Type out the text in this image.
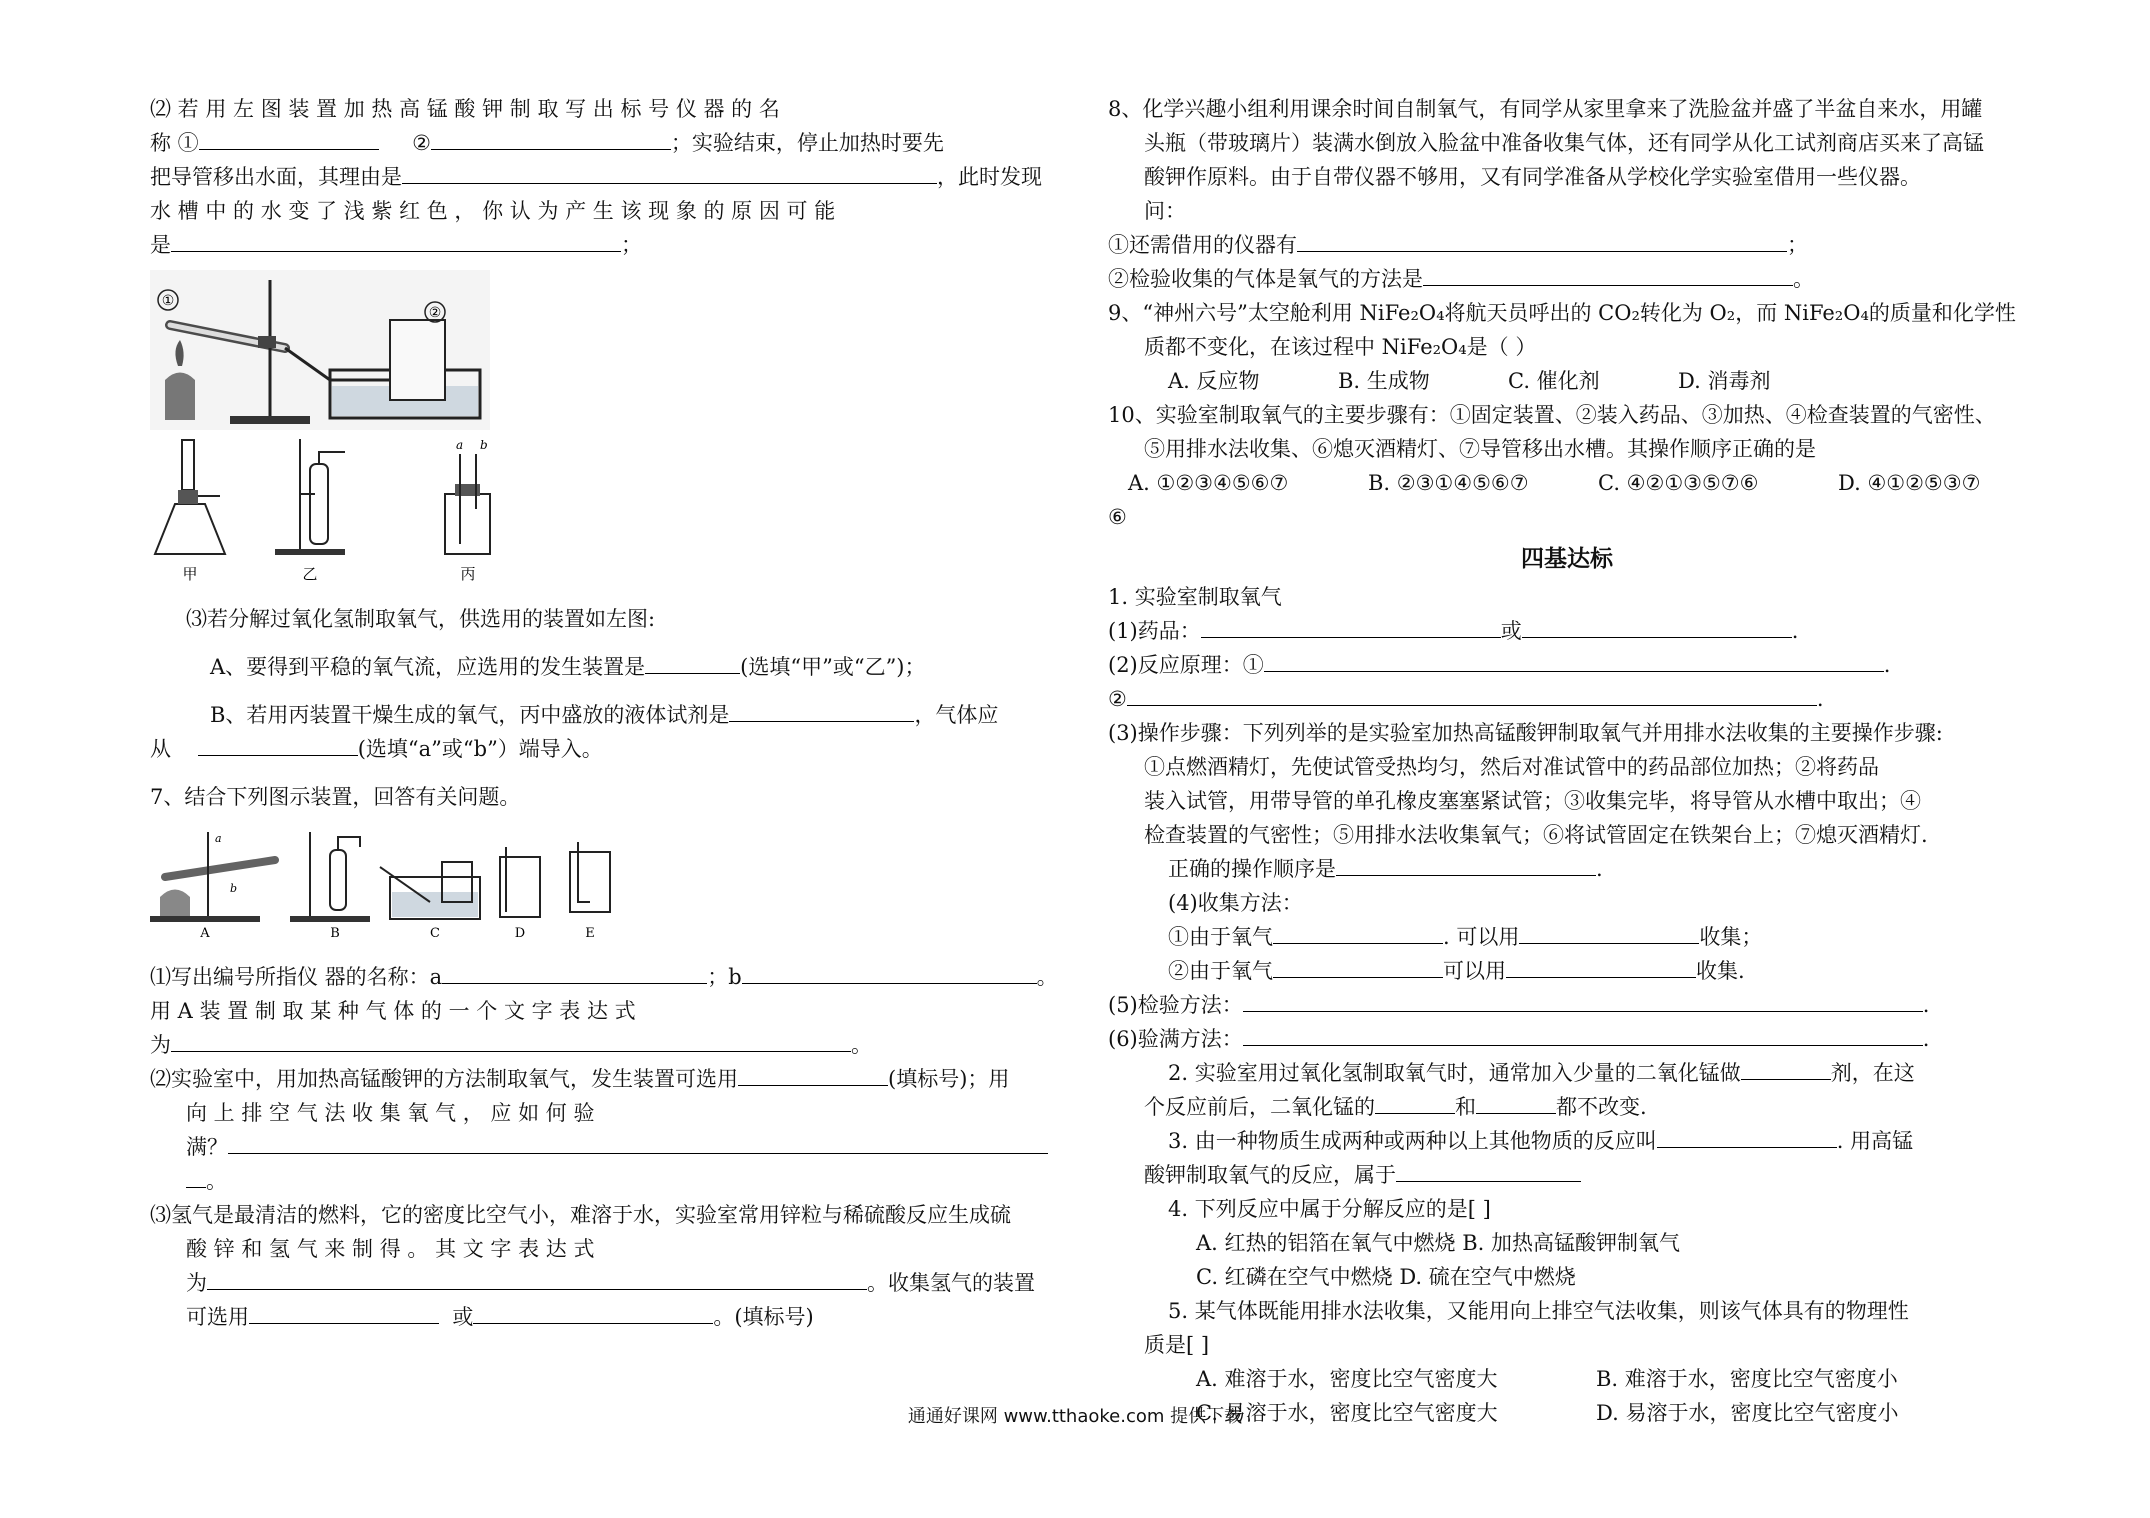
⑵ 若 用 左 图 装 置 加 热 高 锰 酸 钾 制 取 写 出 标 号 仪 器 的 名
称 ①	②	；实验结束，停止加热时要先
把导管移出水面，其理由是	，此时发现
水 槽 中 的 水 变 了 浅 紫 红 色 ， 你 认 为 产 生 该 现 象 的 原 因 可 能
是	；
①
②
甲	乙	丙
a b
⑶若分解过氧化氢制取氧气，供选用的装置如左图:
A、要得到平稳的氧气流，应选用的发生装置是	(选填“甲”或“乙”)；
B、若用丙装置干燥生成的氧气，丙中盛放的液体试剂是	，气体应
从	(选填“a”或“b”）端导入。
7、结合下列图示装置，回答有关问题。
a
b
A	B	C	D	E
⑴写出编号所指仪 器的名称：a	；b	。
用 A 装 置 制 取 某 种 气 体 的 一 个 文 字 表 达 式
为	。
⑵实验室中，用加热高锰酸钾的方法制取氧气，发生装置可选用	(填标号)；用
向 上 排 空 气 法 收 集 氧 气 ， 应 如 何 验
满？
。
⑶氢气是最清洁的燃料，它的密度比空气小，难溶于水，实验室常用锌粒与稀硫酸反应生成硫
酸 锌 和 氢 气 来 制 得 。 其 文 字 表 达 式
为	。收集氢气的装置
可选用	或	。(填标号)
8、化学兴趣小组利用课余时间自制氧气，有同学从家里拿来了洗脸盆并盛了半盆自来水，用罐
头瓶（带玻璃片）装满水倒放入脸盆中准备收集气体，还有同学从化工试剂商店买来了高锰
酸钾作原料。由于自带仪器不够用，又有同学准备从学校化学实验室借用一些仪器。
问：
①还需借用的仪器有	；
②检验收集的气体是氧气的方法是	。
9、“神州六号”太空舱利用 NiFe₂O₄将航天员呼出的 CO₂转化为 O₂，而 NiFe₂O₄的质量和化学性
质都不变化，在该过程中 NiFe₂O₄是（ ）
A. 反应物	B. 生成物	C. 催化剂	D. 消毒剂
10、实验室制取氧气的主要步骤有：①固定装置、②装入药品、③加热、④检查装置的气密性、
⑤用排水法收集、⑥熄灭酒精灯、⑦导管移出水槽。其操作顺序正确的是
A. ①②③④⑤⑥⑦	B. ②③①④⑤⑥⑦	C. ④②①③⑤⑦⑥	D. ④①②⑤③⑦
⑥
四基达标
1. 实验室制取氧气
(1)药品：	或	.
(2)反应原理：①	.
②	.
(3)操作步骤：下列列举的是实验室加热高锰酸钾制取氧气并用排水法收集的主要操作步骤:
①点燃酒精灯，先使试管受热均匀，然后对准试管中的药品部位加热；②将药品
装入试管，用带导管的单孔橡皮塞塞紧试管；③收集完毕，将导管从水槽中取出；④
检查装置的气密性；⑤用排水法收集氧气；⑥将试管固定在铁架台上；⑦熄灭酒精灯.
正确的操作顺序是	.
(4)收集方法：
①由于氧气	. 可以用	收集；
②由于氧气	可以用	收集.
(5)检验方法：	.
(6)验满方法：	.
2. 实验室用过氧化氢制取氧气时，通常加入少量的二氧化锰做	剂，在这
个反应前后，二氧化锰的	和	都不改变.
3. 由一种物质生成两种或两种以上其他物质的反应叫	. 用高锰
酸钾制取氧气的反应，属于
4. 下列反应中属于分解反应的是[ ]
A. 红热的铝箔在氧气中燃烧 B. 加热高锰酸钾制氧气
C. 红磷在空气中燃烧 D. 硫在空气中燃烧
5. 某气体既能用排水法收集，又能用向上排空气法收集，则该气体具有的物理性
质是[ ]
A. 难溶于水，密度比空气密度大	B. 难溶于水，密度比空气密度小
C. 易溶于水，密度比空气密度大	D. 易溶于水，密度比空气密度小
通通好课网 www.tthaoke.com 提供下载
